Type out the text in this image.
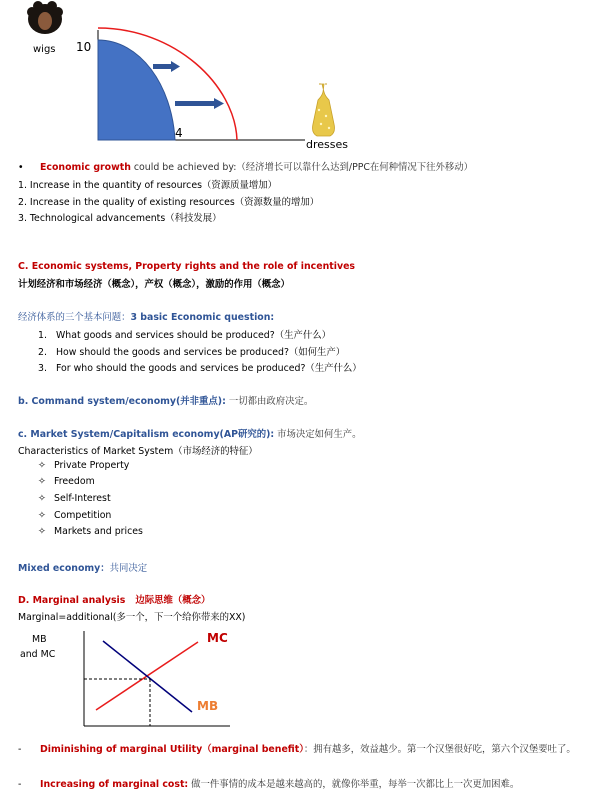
wigs 10
4
dresses
• Economic growth could be achieved by:（经济增长可以靠什么达到/PPC在何种情况下往外移动）
1. Increase in the quantity of resources（资源质量增加）
2. Increase in the quality of existing resources（资源数量的增加）
3. Technological advancements（科技发展）
C. Economic systems, Property rights and the role of incentives
计划经济和市场经济（概念），产权（概念），激励的作用（概念）
经济体系的三个基本问题：3 basic Economic question:
1. What goods and services should be produced?（生产什么）
2. How should the goods and services be produced?（如何生产）
3. For who should the goods and services be produced?（生产什么）
b. Command system/economy(并非重点): 一切都由政府决定。
c. Market System/Capitalism economy(AP研究的): 市场决定如何生产。
Characteristics of Market System（市场经济的特征）
✧ Private Property
✧ Freedom
✧ Self-Interest
✧ Competition
✧ Markets and prices
Mixed economy：共同决定
D. Marginal analysis 边际思维（概念）
Marginal=additional(多一个，下一个给你带来的XX)
MB
and MC
MC
MB
- Diminishing of marginal Utility（marginal benefit）：拥有越多，效益越少。第一个汉堡很好吃，第六个汉堡要吐了。
- Increasing of marginal cost: 做一件事情的成本是越来越高的，就像你举重，每举一次都比上一次更加困难。
